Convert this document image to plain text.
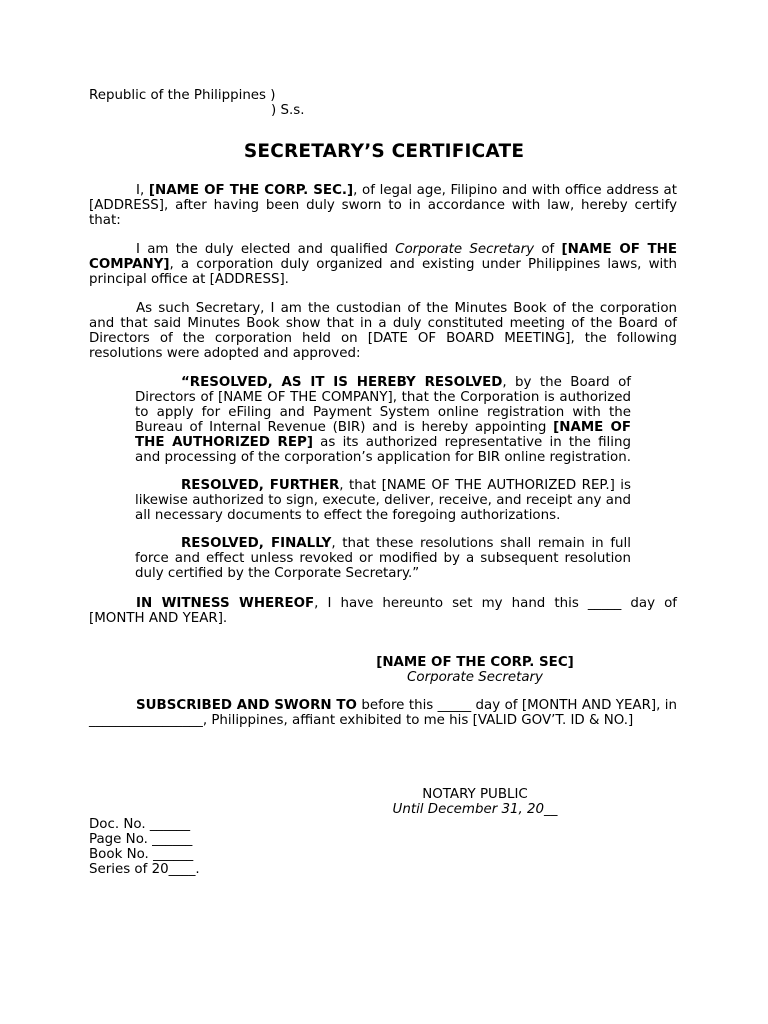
Republic of the Philippines )
) S.s.
SECRETARY’S CERTIFICATE

I, [NAME OF THE CORP. SEC.], of legal age, Filipino and with office address at [ADDRESS], after having been duly sworn to in accordance with law, hereby certify that:

I am the duly elected and qualified Corporate Secretary of [NAME OF THE COMPANY], a corporation duly organized and existing under Philippines laws, with principal office at [ADDRESS].

As such Secretary, I am the custodian of the Minutes Book of the corporation and that said Minutes Book show that in a duly constituted meeting of the Board of Directors of the corporation held on [DATE OF BOARD MEETING], the following resolutions were adopted and approved:

“RESOLVED, AS IT IS HEREBY RESOLVED, by the Board of Directors of [NAME OF THE COMPANY], that the Corporation is authorized to apply for eFiling and Payment System online registration with the Bureau of Internal Revenue (BIR) and is hereby appointing [NAME OF THE AUTHORIZED REP] as its authorized representative in the filing and processing of the corporation’s application for BIR online registration.

RESOLVED, FURTHER, that [NAME OF THE AUTHORIZED REP.] is likewise authorized to sign, execute, deliver, receive, and receipt any and all necessary documents to effect the foregoing authorizations.

RESOLVED, FINALLY, that these resolutions shall remain in full force and effect unless revoked or modified by a subsequent resolution duly certified by the Corporate Secretary.”

IN WITNESS WHEREOF, I have hereunto set my hand this _____ day of [MONTH AND YEAR].

[NAME OF THE CORP. SEC]
Corporate Secretary

SUBSCRIBED AND SWORN TO before this _____ day of [MONTH AND YEAR], in _________________, Philippines, affiant exhibited to me his [VALID GOV’T. ID & NO.]

NOTARY PUBLIC
Until December 31, 20__
Doc. No. ______
Page No. ______
Book No. ______
Series of 20____.
